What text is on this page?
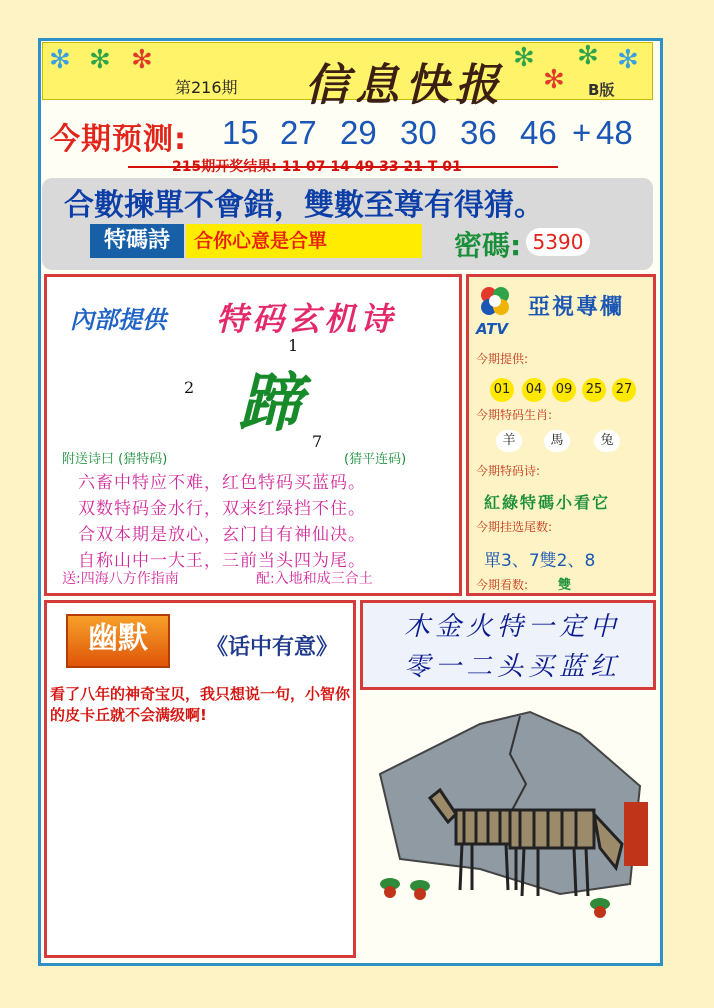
✻ ✻ ✻	✻
✻
✻ ✻
第216期 信息快报	B版
今期预测: 15 27 29 30 36 46 + 48
215期开奖结果: 11 07 14 49 33 21 T 01
合數揀單不會錯，雙數至尊有得猜。
特碼詩	合你心意是合單	密碼: 5390
內部提供 特码玄机诗
1
2
7
蹄
附送诗曰 (猜特码)	(猜平连码)
六畜中特应不难，红色特码买蓝码。
双数特码金水行，双来红绿挡不住。
合双本期是放心，玄门自有神仙决。
自称山中一大王，三前当头四为尾。
送:四海八方作指南	配:入地和成三合土
ATV
亞視專欄
今期提供:
01 04 09 25 27
今期特码生肖:
羊	馬	兔
今期特码诗:
紅綠特碼小看它
今期挂选尾数:
單3、7雙2、8
今期看数: 雙
幽默	《话中有意》
看了八年的神奇宝贝，我只想说一句，小智你的皮卡丘就不会满级啊!
木金火特一定中
零一二头买蓝红
